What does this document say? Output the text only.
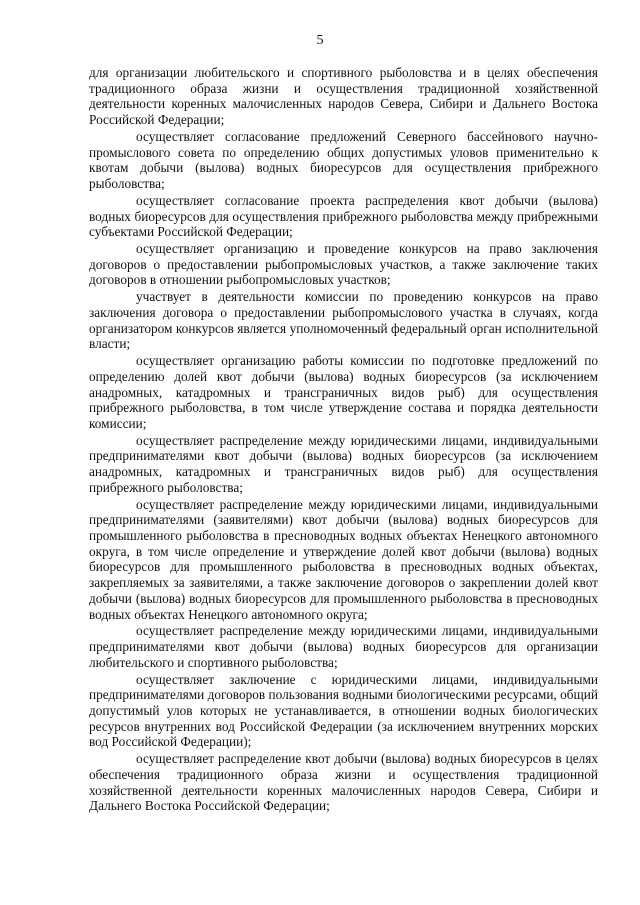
5

для организации любительского и спортивного рыболовства и в целях обеспечения традиционного образа жизни и осуществления традиционной хозяйственной деятельности коренных малочисленных народов Севера, Сибири и Дальнего Востока Российской Федерации;

осуществляет согласование предложений Северного бассейнового научно-промыслового совета по определению общих допустимых уловов применительно к квотам добычи (вылова) водных биоресурсов для осуществления прибрежного рыболовства;

осуществляет согласование проекта распределения квот добычи (вылова) водных биоресурсов для осуществления прибрежного рыболовства между прибрежными субъектами Российской Федерации;

осуществляет организацию и проведение конкурсов на право заключения договоров о предоставлении рыбопромысловых участков, а также заключение таких договоров в отношении рыбопромысловых участков;

участвует в деятельности комиссии по проведению конкурсов на право заключения договора о предоставлении рыбопромыслового участка в случаях, когда организатором конкурсов является уполномоченный федеральный орган исполнительной власти;

осуществляет организацию работы комиссии по подготовке предложений по определению долей квот добычи (вылова) водных биоресурсов (за исключением анадромных, катадромных и трансграничных видов рыб) для осуществления прибрежного рыболовства, в том числе утверждение состава и порядка деятельности комиссии;

осуществляет распределение между юридическими лицами, индивидуальными предпринимателями квот добычи (вылова) водных биоресурсов (за исключением анадромных, катадромных и трансграничных видов рыб) для осуществления прибрежного рыболовства;

осуществляет распределение между юридическими лицами, индивидуальными предпринимателями (заявителями) квот добычи (вылова) водных биоресурсов для промышленного рыболовства в пресноводных водных объектах Ненецкого автономного округа, в том числе определение и утверждение долей квот добычи (вылова) водных биоресурсов для промышленного рыболовства в пресноводных водных объектах, закрепляемых за заявителями, а также заключение договоров о закреплении долей квот добычи (вылова) водных биоресурсов для промышленного рыболовства в пресноводных водных объектах Ненецкого автономного округа;

осуществляет распределение между юридическими лицами, индивидуальными предпринимателями квот добычи (вылова) водных биоресурсов для организации любительского и спортивного рыболовства;

осуществляет заключение с юридическими лицами, индивидуальными предпринимателями договоров пользования водными биологическими ресурсами, общий допустимый улов которых не устанавливается, в отношении водных биологических ресурсов внутренних вод Российской Федерации (за исключением внутренних морских вод Российской Федерации);

осуществляет распределение квот добычи (вылова) водных биоресурсов в целях обеспечения традиционного образа жизни и осуществления традиционной хозяйственной деятельности коренных малочисленных народов Севера, Сибири и Дальнего Востока Российской Федерации;
